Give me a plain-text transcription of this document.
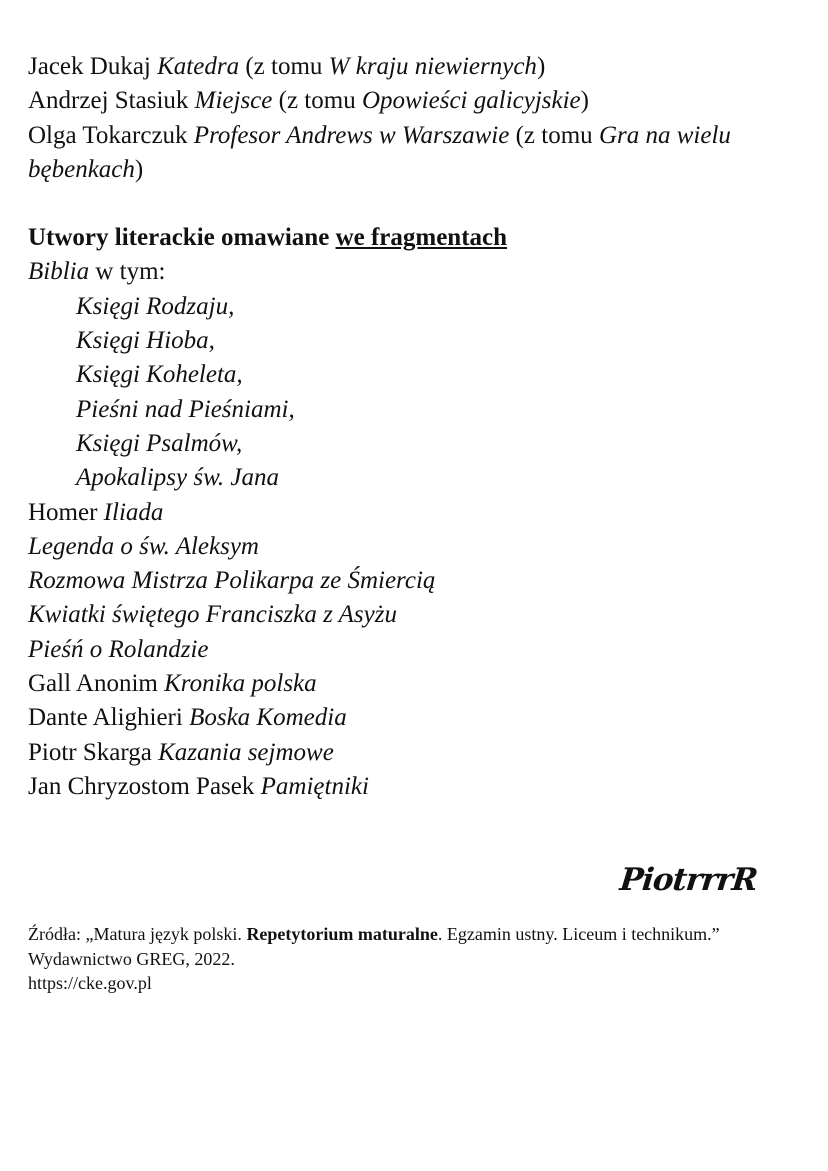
Jacek Dukaj Katedra (z tomu W kraju niewiernych)
Andrzej Stasiuk Miejsce (z tomu Opowieści galicyjskie)
Olga Tokarczuk Profesor Andrews w Warszawie (z tomu Gra na wielu bębenkach)
Utwory literackie omawiane we fragmentach
Biblia w tym:
Księgi Rodzaju,
Księgi Hioba,
Księgi Koheleta,
Pieśni nad Pieśniami,
Księgi Psalmów,
Apokalipsy św. Jana
Homer Iliada
Legenda o św. Aleksym
Rozmowa Mistrza Polikarpa ze Śmiercią
Kwiatki świętego Franciszka z Asyżu
Pieśń o Rolandzie
Gall Anonim Kronika polska
Dante Alighieri Boska Komedia
Piotr Skarga Kazania sejmowe
Jan Chryzostom Pasek Pamiętniki
PiotrrrR
Źródła: „Matura język polski. Repetytorium maturalne. Egzamin ustny. Liceum i technikum.” Wydawnictwo GREG, 2022.
https://cke.gov.pl
